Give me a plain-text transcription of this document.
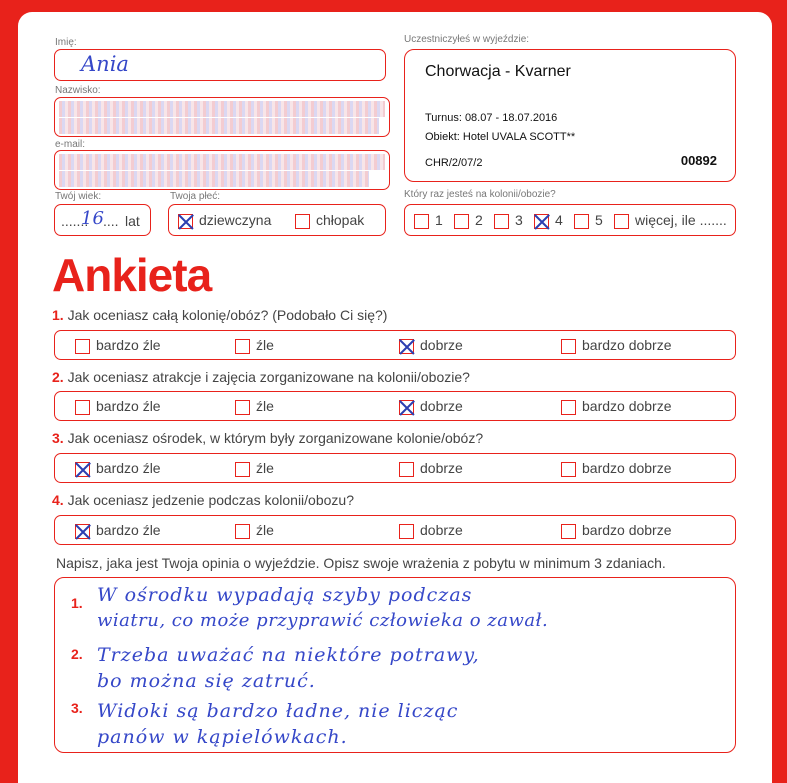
Imię:
Ania
Nazwisko:
e-mail:
Uczestniczyłeś w wyjeździe:
Chorwacja - Kvarner
Turnus: 08.07 - 18.07.2016
Obiekt: Hotel UVALA SCOTT**
CHR/2/07/2	00892
Twój wiek:
.......
16 .... lat
Twoja płeć:
dziewczyna	chłopak
Który raz jesteś na kolonii/obozie?
1	2	3	4	5	więcej, ile .......
Ankieta
1. Jak oceniasz całą kolonię/obóz? (Podobało Ci się?)
bardzo źle	źle	dobrze	bardzo dobrze
2. Jak oceniasz atrakcje i zajęcia zorganizowane na kolonii/obozie?
bardzo źle	źle	dobrze	bardzo dobrze
3. Jak oceniasz ośrodek, w którym były zorganizowane kolonie/obóz?
bardzo źle	źle	dobrze	bardzo dobrze
4. Jak oceniasz jedzenie podczas kolonii/obozu?
bardzo źle	źle	dobrze	bardzo dobrze
Napisz, jaka jest Twoja opinia o wyjeździe. Opisz swoje wrażenia z pobytu w minimum 3 zdaniach.
1. W ośrodku wypadają szyby podczas
wiatru, co może przyprawić człowieka o zawał.
2. Trzeba uważać na niektóre potrawy,
bo można się zatruć.
3. Widoki są bardzo ładne, nie licząc
panów w kąpielówkach.
